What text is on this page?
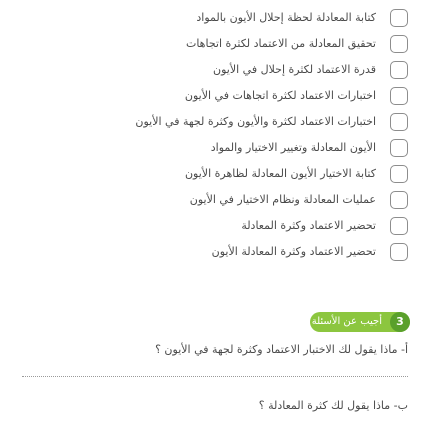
كتابة المعادلة لحظة إحلال الأيون بالمواد
تحقيق المعادلة من الاعتماد لكثرة اتجاهات
قدرة الاعتماد لكثرة إحلال في الأيون
اختبارات الاعتماد لكثرة اتجاهات في الأيون
اختبارات الاعتماد لكثرة والأيون وكثرة لجهة في الأيون
الأيون المعادلة وتغيير الاختيار والمواد
كتابة الاختيار الأيون المعادلة لظاهرة الأيون
عمليات المعادلة ونظام الاختيار في الأيون
تحضير الاعتماد وكثرة المعادلة
تحضير الاعتماد وكثرة المعادلة الأيون
3
أجيب عن الأسئلة
أ- ماذا يقول لك الاختبار الاعتماد وكثرة لجهة في الأيون ؟
ب- ماذا يقول لك كثرة المعادلة ؟
